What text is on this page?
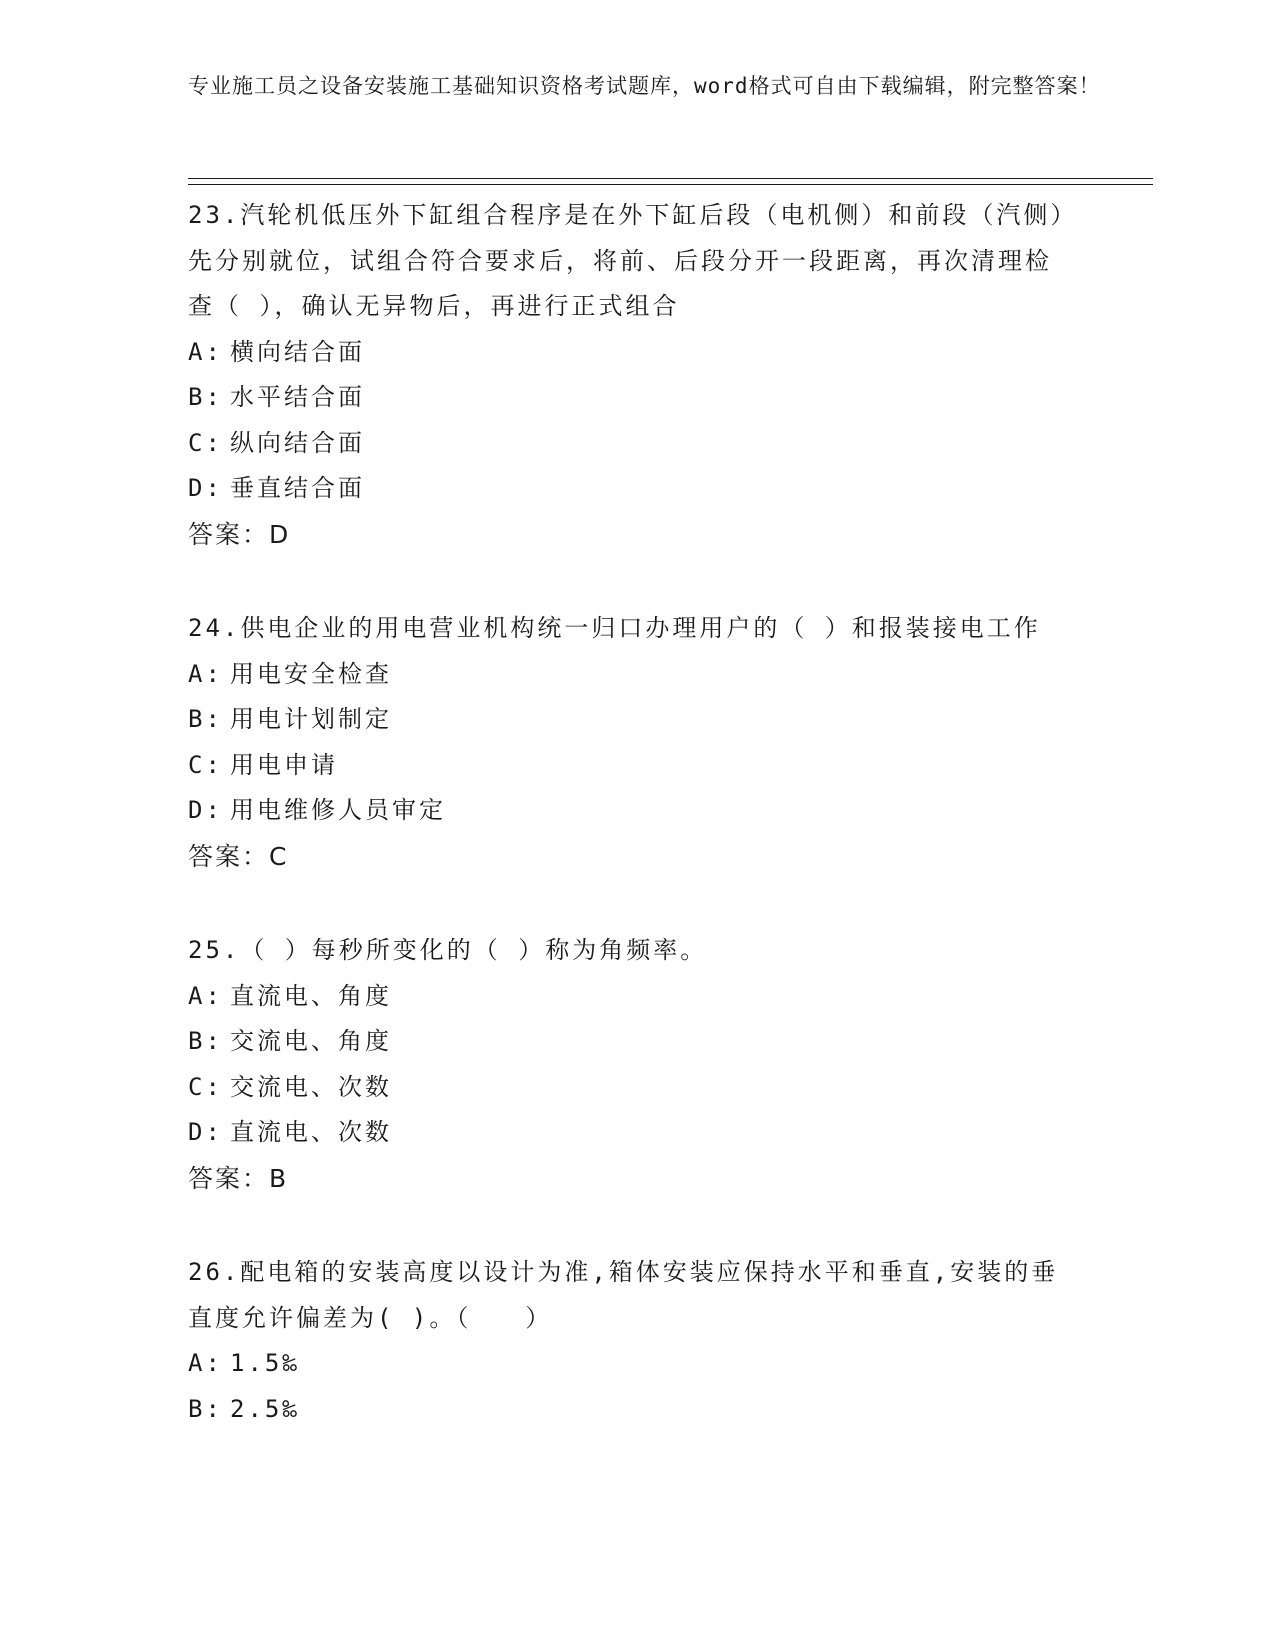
专业施工员之设备安装施工基础知识资格考试题库，word格式可自由下载编辑，附完整答案！

23.汽轮机低压外下缸组合程序是在外下缸后段（电机侧）和前段（汽侧）先分别就位，试组合符合要求后，将前、后段分开一段距离，再次清理检查（ ），确认无异物后，再进行正式组合

A: 横向结合面

B: 水平结合面

C: 纵向结合面

D: 垂直结合面

答案：D

24.供电企业的用电营业机构统一归口办理用户的（ ）和报装接电工作

A: 用电安全检查

B: 用电计划制定

C: 用电申请

D: 用电维修人员审定

答案：C

25.（ ）每秒所变化的（ ）称为角频率。

A: 直流电、角度

B: 交流电、角度

C: 交流电、次数

D: 直流电、次数

答案：B

26.配电箱的安装高度以设计为准,箱体安装应保持水平和垂直,安装的垂直度允许偏差为( )。（　　）

A: 1.5‰

B: 2.5‰
